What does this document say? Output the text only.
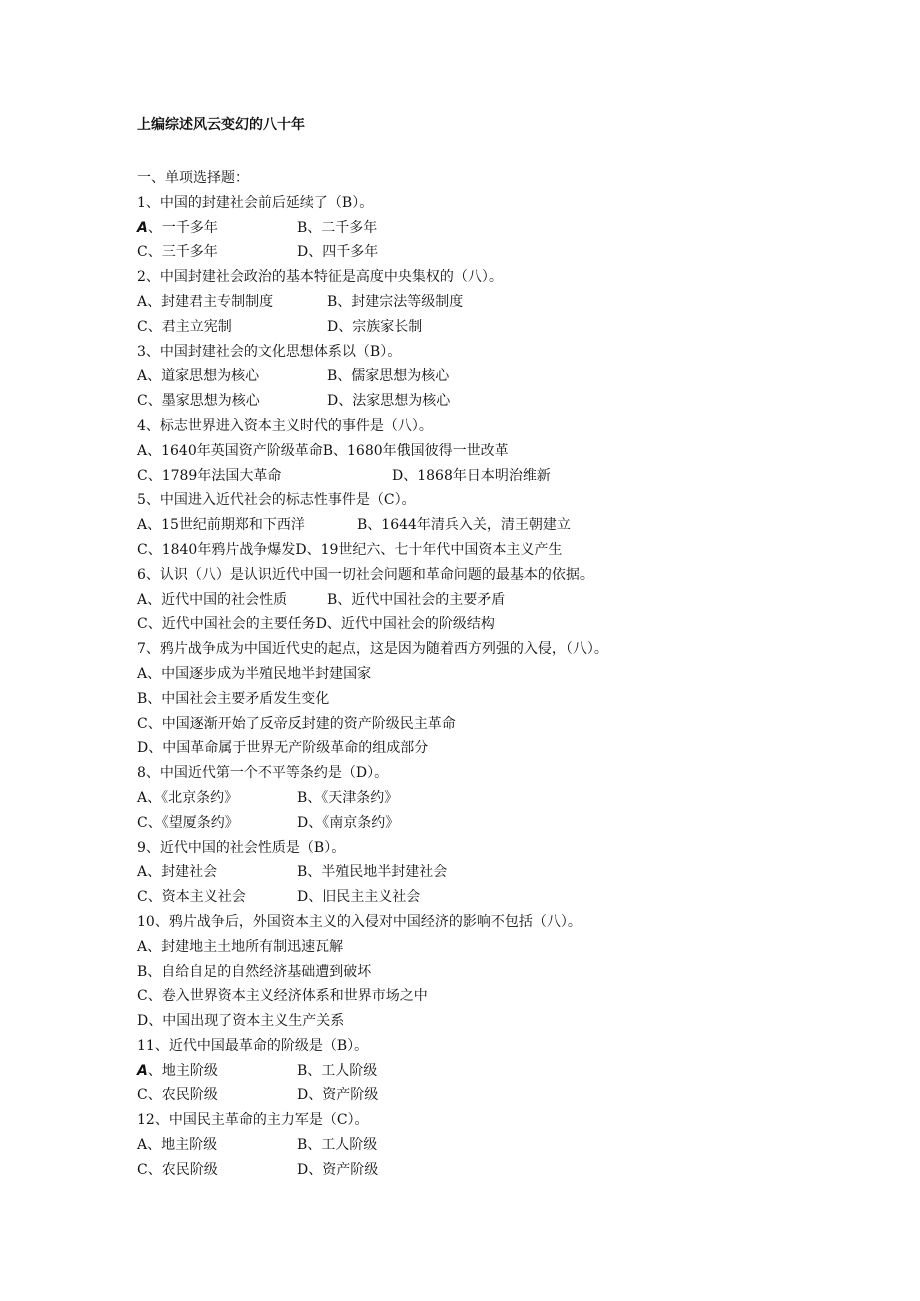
上编综述风云变幻的八十年
一、单项选择题：
1、中国的封建社会前后延续了（B）。
A、一千多年	B、二千多年
C、三千多年	D、四千多年
2、中国封建社会政治的基本特征是高度中央集权的（八）。
A、封建君主专制制度	B、封建宗法等级制度
C、君主立宪制	D、宗族家长制
3、中国封建社会的文化思想体系以（B）。
A、道家思想为核心	B、儒家思想为核心
C、墨家思想为核心	D、法家思想为核心
4、标志世界进入资本主义时代的事件是（八）。
A、1640年英国资产阶级革命B、1680年俄国彼得一世改革
C、1789年法国大革命	D、1868年日本明治维新
5、中国进入近代社会的标志性事件是（C）。
A、15世纪前期郑和下西洋	B、1644年清兵入关，清王朝建立
C、1840年鸦片战争爆发D、19世纪六、七十年代中国资本主义产生
6、认识（八）是认识近代中国一切社会问题和革命问题的最基本的依据。
A、近代中国的社会性质	B、近代中国社会的主要矛盾
C、近代中国社会的主要任务D、近代中国社会的阶级结构
7、鸦片战争成为中国近代史的起点，这是因为随着西方列强的入侵，（八）。
A、中国逐步成为半殖民地半封建国家
B、中国社会主要矛盾发生变化
C、中国逐渐开始了反帝反封建的资产阶级民主革命
D、中国革命属于世界无产阶级革命的组成部分
8、中国近代第一个不平等条约是（D）。
A、《北京条约》	B、《天津条约》
C、《望厦条约》	D、《南京条约》
9、近代中国的社会性质是（B）。
A、封建社会	B、半殖民地半封建社会
C、资本主义社会	D、旧民主主义社会
10、鸦片战争后，外国资本主义的入侵对中国经济的影响不包括（八）。
A、封建地主土地所有制迅速瓦解
B、自给自足的自然经济基础遭到破坏
C、卷入世界资本主义经济体系和世界市场之中
D、中国出现了资本主义生产关系
11、近代中国最革命的阶级是（B）。
A、地主阶级	B、工人阶级
C、农民阶级	D、资产阶级
12、中国民主革命的主力军是（C）。
A、地主阶级	B、工人阶级
C、农民阶级	D、资产阶级
